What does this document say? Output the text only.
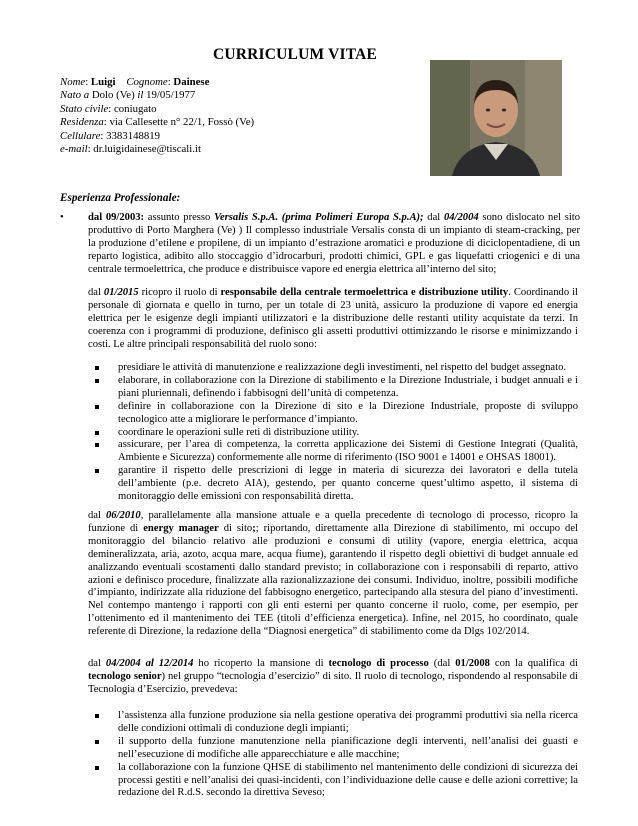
CURRICULUM VITAE
Nome: Luigi Cognome: Dainese
Nato a Dolo (Ve) il 19/05/1977
Stato civile: coniugato
Residenza: via Callesette n° 22/1, Fossò (Ve)
Cellulare: 3383148819
e-mail: dr.luigidainese@tiscali.it
Esperienza Professionale:
• dal 09/2003: assunto presso Versalis S.p.A. (prima Polimeri Europa S.p.A); dal 04/2004 sono dislocato nel sito produttivo di Porto Marghera (Ve) ) Il complesso industriale Versalis consta di un impianto di steam-cracking, per la produzione d’etilene e propilene, di un impianto d’estrazione aromatici e produzione di diciclopentadiene, di un reparto logistica, adibito allo stoccaggio d’idrocarburi, prodotti chimici, GPL e gas liquefatti criogenici e di una centrale termoelettrica, che produce e distribuisce vapore ed energia elettrica all’interno del sito;
dal 01/2015 ricopro il ruolo di responsabile della centrale termoelettrica e distribuzione utility. Coordinando il personale di giornata e quello in turno, per un totale di 23 unità, assicuro la produzione di vapore ed energia elettrica per le esigenze degli impianti utilizzatori e la distribuzione delle restanti utility acquistate da terzi. In coerenza con i programmi di produzione, definisco gli assetti produttivi ottimizzando le risorse e minimizzando i costi. Le altre principali responsabilità del ruolo sono:
presidiare le attività di manutenzione e realizzazione degli investimenti, nel rispetto del budget assegnato.
elaborare, in collaborazione con la Direzione di stabilimento e la Direzione Industriale, i budget annuali e i piani pluriennali, definendo i fabbisogni dell’unità di competenza.
definire in collaborazione con la Direzione di sito e la Direzione Industriale, proposte di sviluppo tecnologico atte a migliorare le performance d’impianto.
coordinare le operazioni sulle reti di distribuzione utility.
assicurare, per l’area di competenza, la corretta applicazione dei Sistemi di Gestione Integrati (Qualità, Ambiente e Sicurezza) conformemente alle norme di riferimento (ISO 9001 e 14001 e OHSAS 18001).
garantire il rispetto delle prescrizioni di legge in materia di sicurezza dei lavoratori e della tutela dell’ambiente (p.e. decreto AIA), gestendo, per quanto concerne quest’ultimo aspetto, il sistema di monitoraggio delle emissioni con responsabilità diretta.
dal 06/2010, parallelamente alla mansione attuale e a quella precedente di tecnologo di processo, ricopro la funzione di energy manager di sito;; riportando, direttamente alla Direzione di stabilimento, mi occupo del monitoraggio del bilancio relativo alle produzioni e consumi di utility (vapore, energia elettrica, acqua demineralizzata, aria, azoto, acqua mare, acqua fiume), garantendo il rispetto degli obiettivi di budget annuale ed analizzando eventuali scostamenti dallo standard previsto; in collaborazione con i responsabili di reparto, attivo azioni e definisco procedure, finalizzate alla razionalizzazione dei consumi. Individuo, inoltre, possibili modifiche d’impianto, indirizzate alla riduzione del fabbisogno energetico, partecipando alla stesura del piano d’investimenti. Nel contempo mantengo i rapporti con gli enti esterni per quanto concerne il ruolo, come, per esempio, per l’ottenimento ed il mantenimento dei TEE (titoli d’efficienza energetica). Infine, nel 2015, ho coordinato, quale referente di Direzione, la redazione della “Diagnosi energetica” di stabilimento come da Dlgs 102/2014.
dal 04/2004 al 12/2014 ho ricoperto la mansione di tecnologo di processo (dal 01/2008 con la qualifica di tecnologo senior) nel gruppo “tecnologia d’esercizio” di sito. Il ruolo di tecnologo, rispondendo al responsabile di Tecnologia d’Esercizio, prevedeva:
l’assistenza alla funzione produzione sia nella gestione operativa dei programmi produttivi sia nella ricerca delle condizioni ottimali di conduzione degli impianti;
il supporto della funzione manutenzione nella pianificazione degli interventi, nell’analisi dei guasti e nell’esecuzione di modifiche alle apparecchiature e alle macchine;
la collaborazione con la funzione QHSE di stabilimento nel mantenimento delle condizioni di sicurezza dei processi gestiti e nell’analisi dei quasi-incidenti, con l’individuazione delle cause e delle azioni correttive; la redazione del R.d.S. secondo la direttiva Seveso;
